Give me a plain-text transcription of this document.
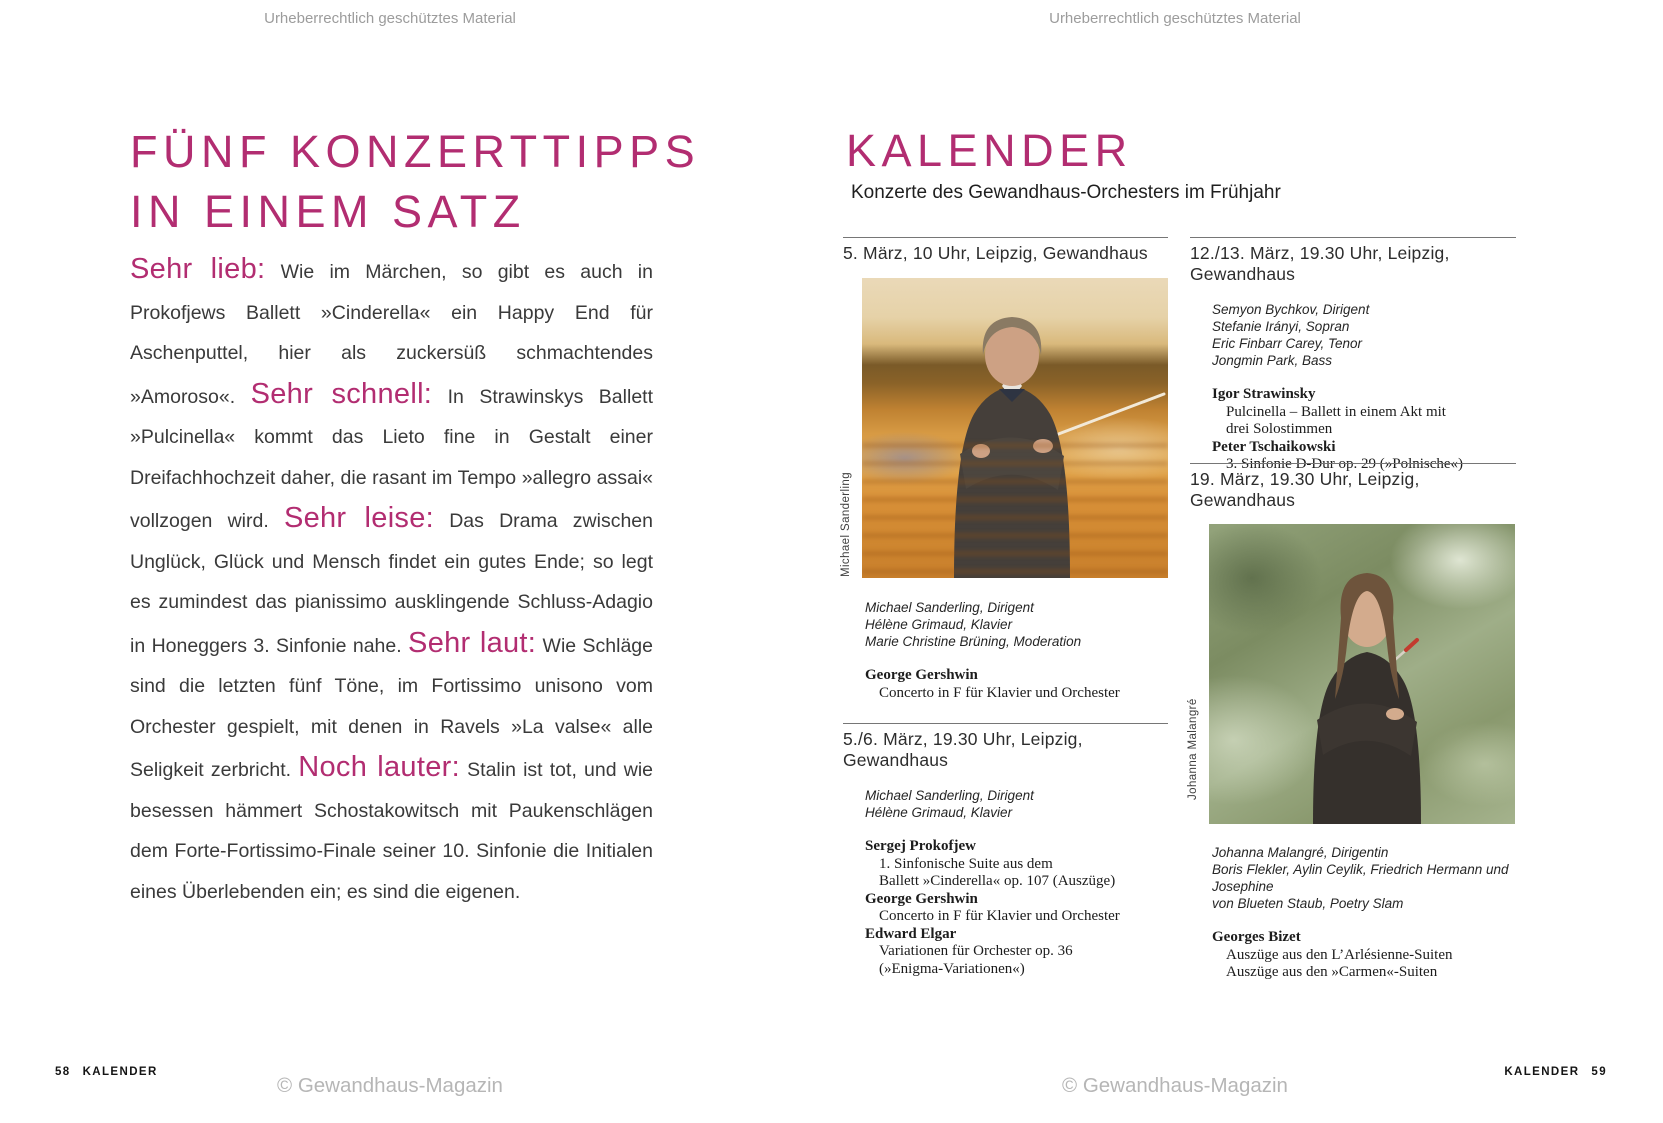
Urheberrechtlich geschütztes Material	Urheberrechtlich geschütztes Material
FÜNF KONZERTTIPPS
IN EINEM SATZ

Sehr lieb: Wie im Märchen, so gibt es auch in Prokofjews Ballett »Cinderella« ein Happy End für Aschenputtel, hier als zuckersüß schmachtendes »Amoroso«. Sehr schnell: In Strawinskys Ballett »Pulcinella« kommt das Lieto fine in Gestalt einer Dreifachhochzeit daher, die rasant im Tempo »allegro assai« vollzogen wird. Sehr leise: Das Drama zwischen Unglück, Glück und Mensch findet ein gutes Ende; so legt es zumindest das pianissimo ausklingende Schluss-Adagio in Honeggers 3. Sinfonie nahe. Sehr laut: Wie Schläge sind die letzten fünf Töne, im Fortissimo unisono vom Orchester gespielt, mit denen in Ravels »La valse« alle Seligkeit zerbricht. Noch lauter: Stalin ist tot, und wie besessen hämmert Schostakowitsch mit Paukenschlägen dem Forte-Fortissimo-Finale seiner 10. Sinfonie die Initialen eines Überlebenden ein; es sind die eigenen.

KALENDER

Konzerte des Gewandhaus-Orchesters im Frühjahr

5. März, 10 Uhr, Leipzig, Gewandhaus
Michael Sanderling, Dirigent
Hélène Grimaud, Klavier
Marie Christine Brüning, Moderation
George Gershwin
Concerto in F für Klavier und Orchester
5./6. März, 19.30 Uhr, Leipzig, Gewandhaus
Michael Sanderling, Dirigent
Hélène Grimaud, Klavier
Sergej Prokofjew
1. Sinfonische Suite aus dem
Ballett »Cinderella« op. 107 (Auszüge)
George Gershwin
Concerto in F für Klavier und Orchester
Edward Elgar
Variationen für Orchester op. 36
(»Enigma-Variationen«)
12./13. März, 19.30 Uhr, Leipzig, Gewandhaus
Semyon Bychkov, Dirigent
Stefanie Irányi, Sopran
Eric Finbarr Carey, Tenor
Jongmin Park, Bass
Igor Strawinsky
Pulcinella – Ballett in einem Akt mit
drei Solostimmen
Peter Tschaikowski
3. Sinfonie D-Dur op. 29 (»Polnische«)
19. März, 19.30 Uhr, Leipzig, Gewandhaus
Johanna Malangré, Dirigentin
Boris Flekler, Aylin Ceylik, Friedrich Hermann und Josephine
von Blueten Staub, Poetry Slam
Georges Bizet
Auszüge aus den L’Arlésienne-Suiten
Auszüge aus den »Carmen«-Suiten
Michael Sanderling
Johanna Malangré
58 KALENDER	KALENDER 59
© Gewandhaus-Magazin	© Gewandhaus-Magazin
